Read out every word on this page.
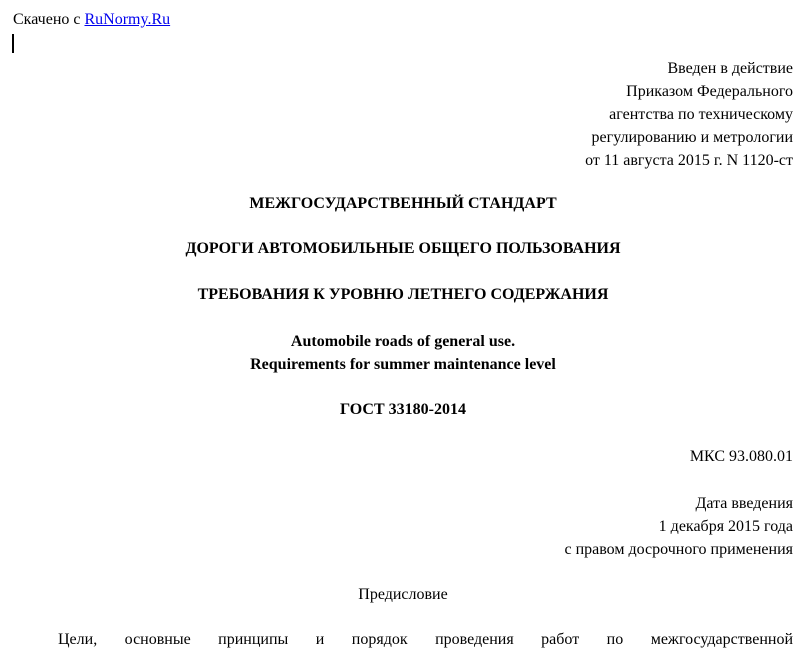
Скачено с RuNormy.Ru
Введен в действие
Приказом Федерального
агентства по техническому
регулированию и метрологии
от 11 августа 2015 г. N 1120-ст
МЕЖГОСУДАРСТВЕННЫЙ СТАНДАРТ
ДОРОГИ АВТОМОБИЛЬНЫЕ ОБЩЕГО ПОЛЬЗОВАНИЯ
ТРЕБОВАНИЯ К УРОВНЮ ЛЕТНЕГО СОДЕРЖАНИЯ
Automobile roads of general use.
Requirements for summer maintenance level
ГОСТ 33180-2014
МКС 93.080.01
Дата введения
1 декабря 2015 года
с правом досрочного применения
Предисловие
Цели, основные принципы и порядок проведения работ по межгосударственной
